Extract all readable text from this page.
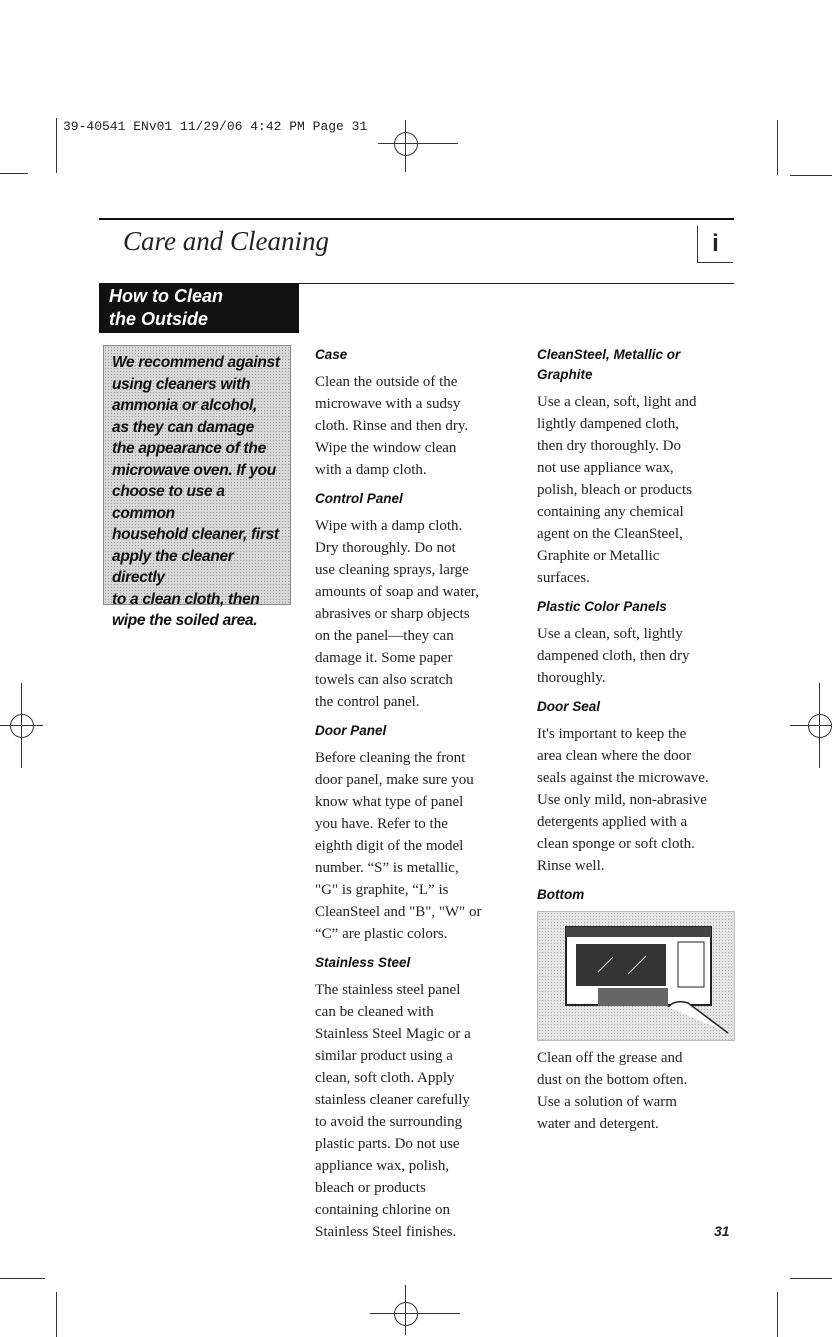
39-40541 ENv01 11/29/06 4:42 PM Page 31
Care and Cleaning	i
How to Clean
the Outside
We recommend against
using cleaners with
ammonia or alcohol,
as they can damage
the appearance of the
microwave oven. If you
choose to use a common
household cleaner, first
apply the cleaner directly
to a clean cloth, then
wipe the soiled area.
Case
Clean the outside of the
microwave with a sudsy
cloth. Rinse and then dry.
Wipe the window clean
with a damp cloth.
Control Panel
Wipe with a damp cloth.
Dry thoroughly. Do not
use cleaning sprays, large
amounts of soap and water,
abrasives or sharp objects
on the panel—they can
damage it. Some paper
towels can also scratch
the control panel.
Door Panel
Before cleaning the front
door panel, make sure you
know what type of panel
you have. Refer to the
eighth digit of the model
number. “S” is metallic,
"G" is graphite, “L” is
CleanSteel and "B", "W" or
“C” are plastic colors.
Stainless Steel
The stainless steel panel
can be cleaned with
Stainless Steel Magic or a
similar product using a
clean, soft cloth. Apply
stainless cleaner carefully
to avoid the surrounding
plastic parts. Do not use
appliance wax, polish,
bleach or products
containing chlorine on
Stainless Steel finishes.
CleanSteel, Metallic or
Graphite
Use a clean, soft, light and
lightly dampened cloth,
then dry thoroughly. Do
not use appliance wax,
polish, bleach or products
containing any chemical
agent on the CleanSteel,
Graphite or Metallic
surfaces.
Plastic Color Panels
Use a clean, soft, lightly
dampened cloth, then dry
thoroughly.
Door Seal
It's important to keep the
area clean where the door
seals against the microwave.
Use only mild, non-abrasive
detergents applied with a
clean sponge or soft cloth.
Rinse well.
Bottom
Clean off the grease and
dust on the bottom often.
Use a solution of warm
water and detergent.
31
